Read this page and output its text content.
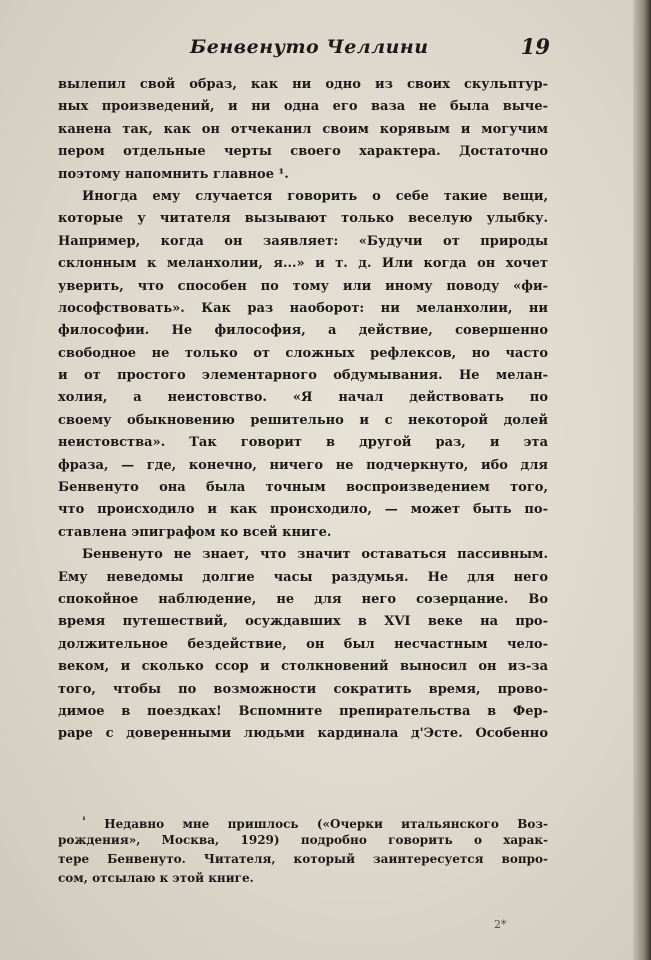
Бенвенуто Челлини	19
вылепил свой образ, как ни одно из своих скульптур-
ных произведений, и ни одна его ваза не была выче-
канена так, как он отчеканил своим корявым и могучим
пером отдельные черты своего характера. Достаточно
поэтому напомнить главное ¹.
Иногда ему случается говорить о себе такие вещи,
которые у читателя вызывают только веселую улыбку.
Например, когда он заявляет: «Будучи от природы
склонным к меланхолии, я...» и т. д. Или когда он хочет
уверить, что способен по тому или иному поводу «фи-
лософствовать». Как раз наоборот: ни меланхолии, ни
философии. Не философия, а действие, совершенно
свободное не только от сложных рефлексов, но часто
и от простого элементарного обдумывания. Не мелан-
холия, а неистовство. «Я начал действовать по
своему обыкновению решительно и с некоторой долей
неистовства». Так говорит в другой раз, и эта
фраза, — где, конечно, ничего не подчеркнуто, ибо для
Бенвенуто она была точным воспроизведением того,
что происходило и как происходило, — может быть по-
ставлена эпиграфом ко всей книге.
Бенвенуто не знает, что значит оставаться пассивным.
Ему неведомы долгие часы раздумья. Не для него
спокойное наблюдение, не для него созерцание. Во
время путешествий, осуждавших в XVI веке на про-
должительное бездействие, он был несчастным чело-
веком, и сколько ссор и столкновений выносил он из-за
того, чтобы по возможности сократить время, прово-
димое в поездках! Вспомните препирательства в Фер-
раре с доверенными людьми кардинала д'Эсте. Особенно
$^{^1}$ Недавно мне пришлось («Очерки итальянского Воз-
рождения», Москва, 1929) подробно говорить о харак-
тере Бенвенуто. Читателя, который заинтересуется вопро-
сом, отсылаю к этой книге.
2*
